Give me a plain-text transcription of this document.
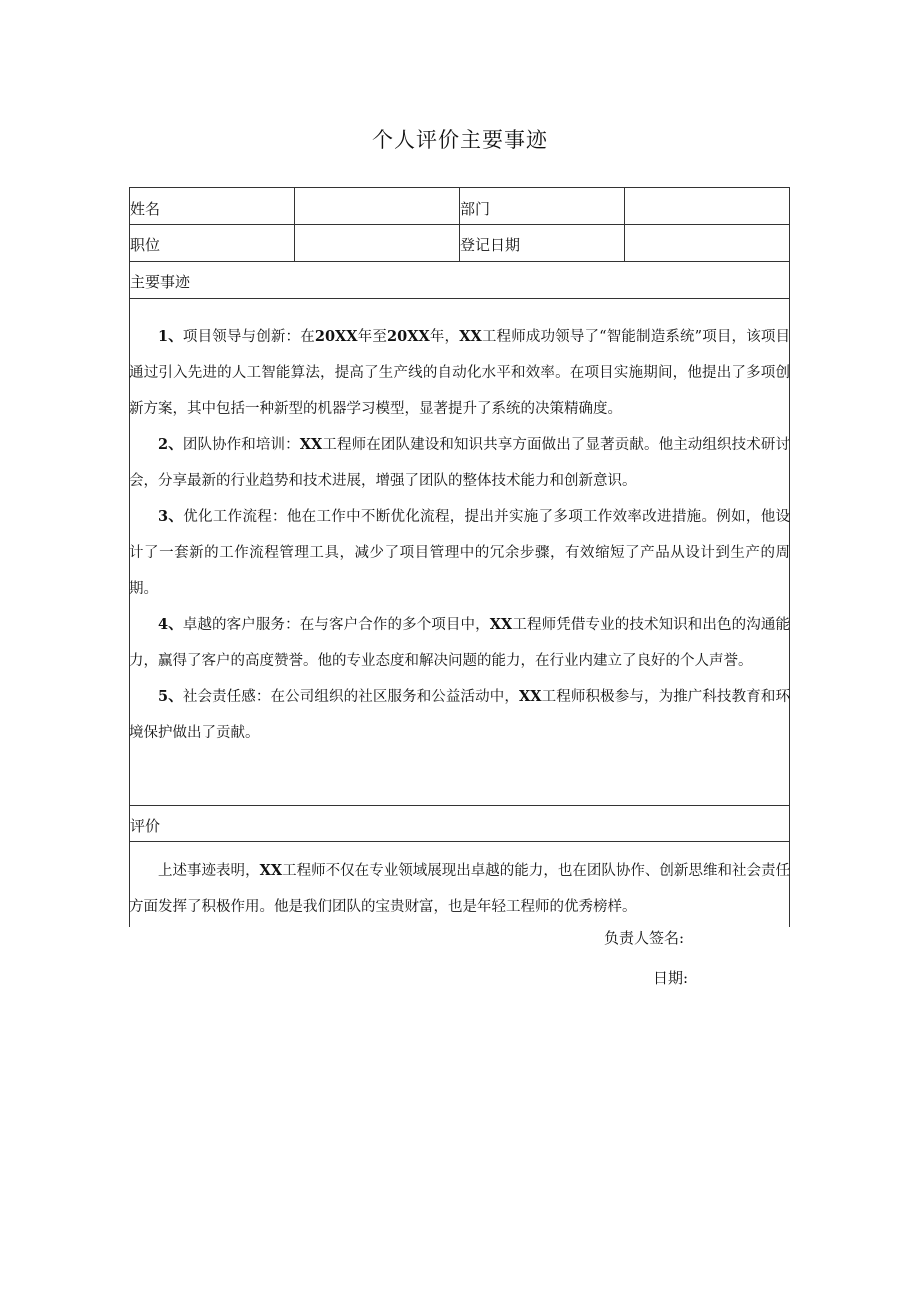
个人评价主要事迹
姓名	部门
职位	登记日期
主要事迹

1、项目领导与创新：在20XX年至20XX年，XX工程师成功领导了“智能制造系统”项目，该项目通过引入先进的人工智能算法，提高了生产线的自动化水平和效率。在项目实施期间，他提出了多项创新方案，其中包括一种新型的机器学习模型，显著提升了系统的决策精确度。

2、团队协作和培训：XX工程师在团队建设和知识共享方面做出了显著贡献。他主动组织技术研讨会，分享最新的行业趋势和技术进展，增强了团队的整体技术能力和创新意识。

3、优化工作流程：他在工作中不断优化流程，提出并实施了多项工作效率改进措施。例如，他设计了一套新的工作流程管理工具，减少了项目管理中的冗余步骤，有效缩短了产品从设计到生产的周期。

4、卓越的客户服务：在与客户合作的多个项目中，XX工程师凭借专业的技术知识和出色的沟通能力，赢得了客户的高度赞誉。他的专业态度和解决问题的能力，在行业内建立了良好的个人声誉。

5、社会责任感：在公司组织的社区服务和公益活动中，XX工程师积极参与，为推广科技教育和环境保护做出了贡献。

评价

上述事迹表明，XX工程师不仅在专业领域展现出卓越的能力，也在团队协作、创新思维和社会责任方面发挥了积极作用。他是我们团队的宝贵财富，也是年轻工程师的优秀榜样。

负责人签名:
日期:
